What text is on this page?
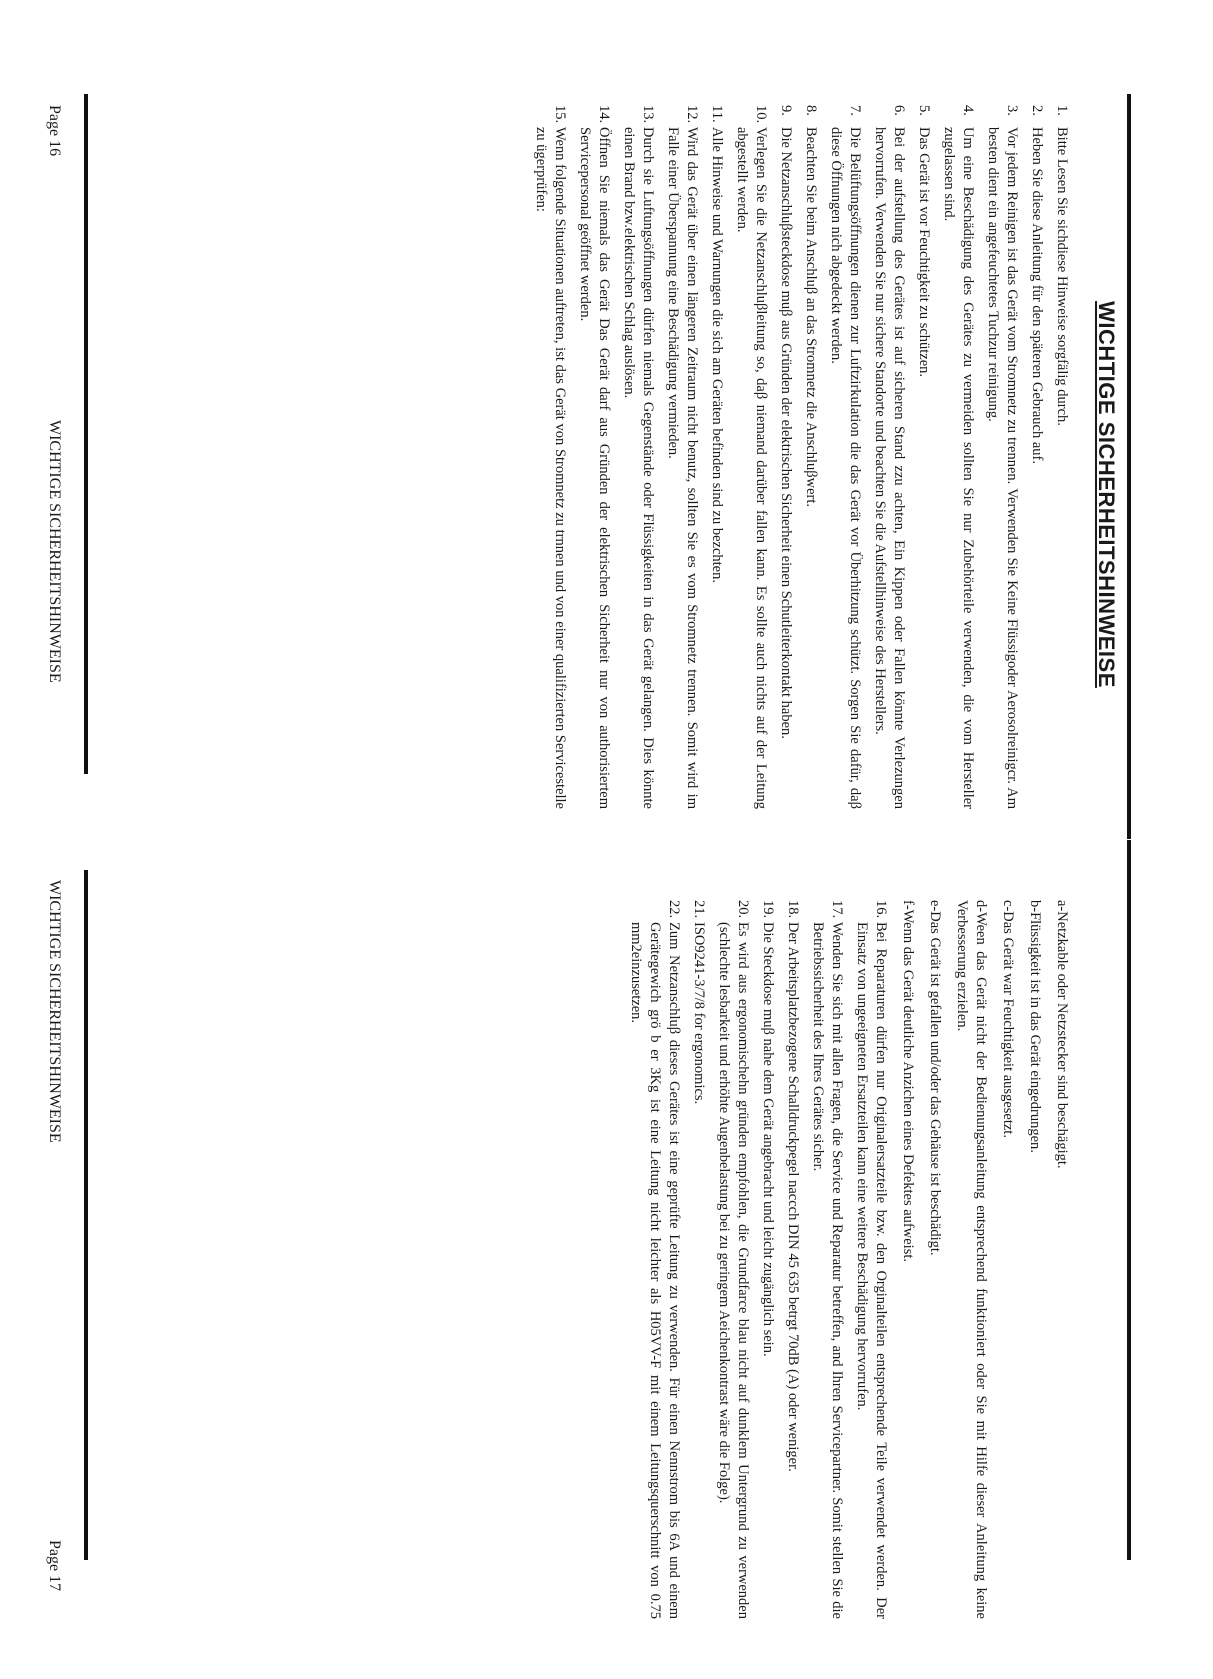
WICHTIGE SICHERHEITSHINWEISE
1.
Bitte Lesen Sie sichdiese Hinweise sorgfälig durch.
2.
Heben Sie diese Anleitung für den späteren Gebrauch auf.
3.
Vor jedem Reinigen ist das Gerät vom Stromnetz zu trennen. Verwenden Sie Keine Flüssigoder Aerosolreinigcr. Am besten dient ein angefeuchtetes Tuchzur reinigung.
4.
Um eine Beschädigung des Gerätes zu vermeiden sollten Sie nur Zubehörteile verwenden, die vom Hersteller zugelassen sind.
5.
Das Gerät ist vor Feuchtigkeit zu schützen.
6.
Bei der aufstellung des Gerätes ist auf sicheren Stand zzu achten, Ein Kippen oder Fallen könnte Verlezungen hervorrufen. Verwenden Sie nur sichere Standorte und beachten Sie die Aufstellhinweise des Herstellers.
7.
Die Belüftungsöffnungen dienen zur Luftzirkulation die das Gerät vor Überhitzung schützt. Sorgen Sie dafür, daβ diese Öffnungen nich abgedeckt werden.
8.
Beachten Sie beim Anschluβ an das Stromnetz die Anschluβwert.
9.
Die Netzanschluβsteckdose muβ aus Gründen der elektrischen Sicherheit einen Schutleiterkontakt haben.
10.
Verlegen Sie die Netzanschluβleitung so, daβ niemand darüber fallen kann. Es sollte auch nichts auf der Leitung abgestellt werden.
11.
Alle Hinweise und Warnungen die sich am Geräten befinden sind zu bezchten.
12.
Wird das Gerät über einen längeren Zeitraum nicht benutz, sollten Sie es vom Stromnetz trennen. Somit wird im Falle einer Überspannung eine Beschädigung vermieden.
13.
Durch sie Luftungsöffnungen dürfen niemals Gegenstände oder Flüssigkeiten in das Gerät gelangen. Dies könnte einen Brand bzw.elektrischen Schlag auslösen.
14.
Öffnen Sie niemals das Gerät Das Gerät darf aus Gründen der elektrischen Sicherheit nur von authorisiertem Servicepersonal geöffnet werden.
15.
Wenn folgende Situationen auftreten, ist das Gerät von Stromnetz zu trnnen und von einer qualifizierten Servicestelle zu ügerprüfen:
Page 16
WICHTIGE SICHERHEITSHINWEISE
a-Netzkable oder Netzstecker sind beschägigt.
b-Flüssigkeit ist in das Gerät eingedrungen.
c-Das Gerät war Feuchtigkeit ausgesetzt.
d-Ween das Gerät nicht der Bedienungsanleitung entsprechend funktioniert oder Sie mit Hilfe dieser Anleitung keine Verbesserung erzielen.
e-Das Gerät ist gefallen und/oder das Gehäuse ist beschädigt.
f-Wenn das Gerät deutliche Anzichen eines Defektes aufweist.
16.
Bei Reparaturen dürfen nur Originalersatzteile bzw. den Orginalteilen entsprechende Teile verwendet werden. Der Einsatz von ungeeigneten Ersatzteilen kann eine weitere Beschädigung hervorrufen.
17.
Wenden Sie sich mit allen Fragen, die Service und Reparatur betreffen, and Ihren Servicepartner. Somit stellen Sie die Betriebssicherheit des Ihres Gerätes sicher.
18.
Der Arbeitsplatzbezogene Schalldruckpegel naccch DIN 45 635 betrgt 70dB (A) oder weniger.
19.
Die Steckdose muβ nahe dem Gerät angebracht und leicht zugänglich sein.
20.
Es wird aus ergonomischehn gründen empfohlen, die Grundfarce blau nicht auf dunklem Untergrund zu verwenden (schlechte lesbarkeit und erhöhte Augenbelastung bei zu geringem Aeichenkontrast wäre die Folge).
21.
ISO9241-3/7/8 for ergonomics.
22.
Zum Netzanschluβ dieses Gerätes ist eine geprüfte Leitung zu verwenden. Für einen Nennstrom bis 6A und einem Gerätegewich grö b er 3Kg ist eine Leitung nicht leichter als H05VV-F mit einem Leitungsquerschnitt von 0.75 mm2einzusetzen.
WICHTIGE SICHERHEITSHINWEISE
Page 17
